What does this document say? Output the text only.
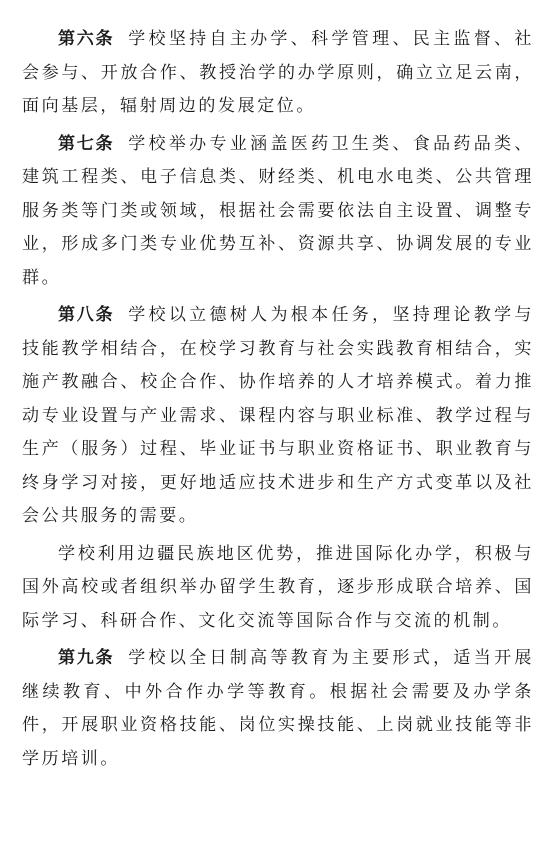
第六条 学校坚持自主办学、科学管理、民主监督、社会参与、开放合作、教授治学的办学原则，确立立足云南，面向基层，辐射周边的发展定位。

第七条 学校举办专业涵盖医药卫生类、食品药品类、建筑工程类、电子信息类、财经类、机电水电类、公共管理服务类等门类或领域，根据社会需要依法自主设置、调整专业，形成多门类专业优势互补、资源共享、协调发展的专业群。

第八条 学校以立德树人为根本任务，坚持理论教学与技能教学相结合，在校学习教育与社会实践教育相结合，实施产教融合、校企合作、协作培养的人才培养模式。着力推动专业设置与产业需求、课程内容与职业标准、教学过程与生产（服务）过程、毕业证书与职业资格证书、职业教育与终身学习对接，更好地适应技术进步和生产方式变革以及社会公共服务的需要。

学校利用边疆民族地区优势，推进国际化办学，积极与国外高校或者组织举办留学生教育，逐步形成联合培养、国际学习、科研合作、文化交流等国际合作与交流的机制。

第九条 学校以全日制高等教育为主要形式，适当开展继续教育、中外合作办学等教育。根据社会需要及办学条件，开展职业资格技能、岗位实操技能、上岗就业技能等非学历培训。
